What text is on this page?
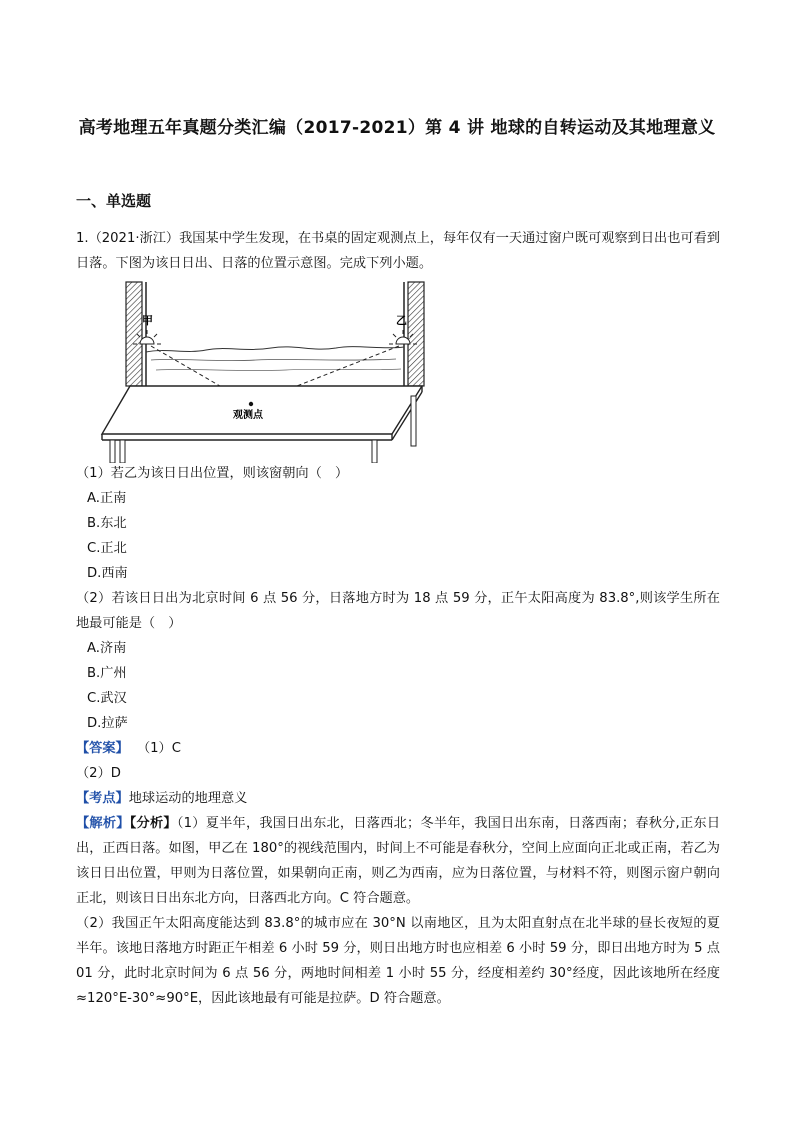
高考地理五年真题分类汇编（2017-2021）第 4 讲 地球的自转运动及其地理意义
一、单选题
1.（2021·浙江）我国某中学生发现，在书桌的固定观测点上，每年仅有一天通过窗户既可观察到日出也可看到日落。下图为该日日出、日落的位置示意图。完成下列小题。
甲	乙
观测点
（1）若乙为该日日出位置，则该窗朝向（　）
A.正南
B.东北
C.正北
D.西南
（2）若该日日出为北京时间 6 点 56 分，日落地方时为 18 点 59 分，正午太阳高度为 83.8°,则该学生所在地最可能是（　）
A.济南
B.广州
C.武汉
D.拉萨
【答案】 （1）C
（2）D
【考点】地球运动的地理意义
【解析】【分析】（1）夏半年，我国日出东北，日落西北；冬半年，我国日出东南，日落西南；春秋分,正东日出，正西日落。如图，甲乙在 180°的视线范围内，时间上不可能是春秋分，空间上应面向正北或正南，若乙为该日日出位置，甲则为日落位置，如果朝向正南，则乙为西南，应为日落位置，与材料不符，则图示窗户朝向正北，则该日日出东北方向，日落西北方向。C 符合题意。
（2）我国正午太阳高度能达到 83.8°的城市应在 30°N 以南地区，且为太阳直射点在北半球的昼长夜短的夏半年。该地日落地方时距正午相差 6 小时 59 分，则日出地方时也应相差 6 小时 59 分，即日出地方时为 5 点 01 分，此时北京时间为 6 点 56 分，两地时间相差 1 小时 55 分，经度相差约 30°经度，因此该地所在经度≈120°E-30°≈90°E，因此该地最有可能是拉萨。D 符合题意。
